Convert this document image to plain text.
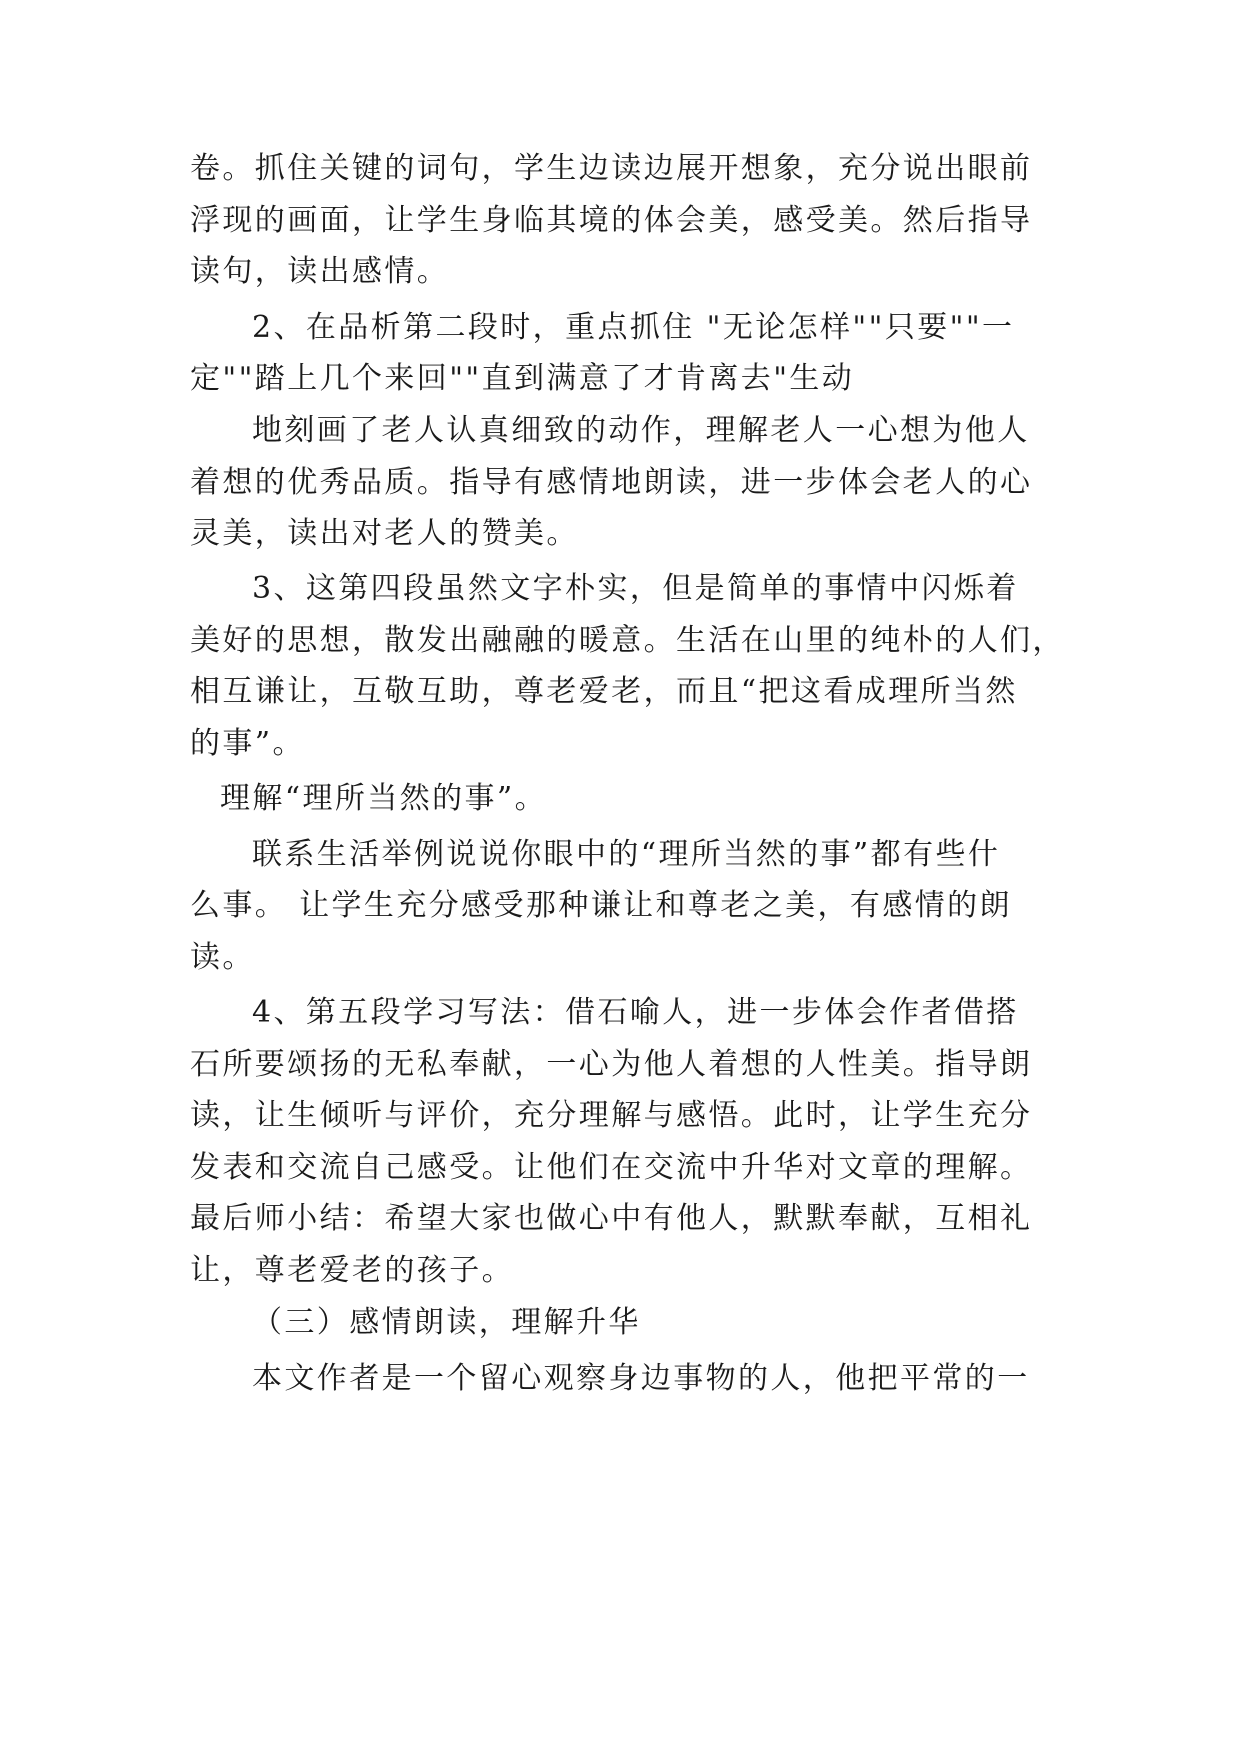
卷。抓住关键的词句，学生边读边展开想象，充分说出眼前
浮现的画面，让学生身临其境的体会美，感受美。然后指导
读句，读出感情。
2、在品析第二段时，重点抓住 "无论怎样""只要""一
定""踏上几个来回""直到满意了才肯离去"生动
地刻画了老人认真细致的动作，理解老人一心想为他人
着想的优秀品质。指导有感情地朗读，进一步体会老人的心
灵美，读出对老人的赞美。
3、这第四段虽然文字朴实，但是简单的事情中闪烁着
美好的思想，散发出融融的暖意。生活在山里的纯朴的人们，
相互谦让，互敬互助，尊老爱老，而且“把这看成理所当然
的事”。
理解“理所当然的事”。
联系生活举例说说你眼中的“理所当然的事”都有些什
么事。 让学生充分感受那种谦让和尊老之美，有感情的朗
读。
4、第五段学习写法：借石喻人，进一步体会作者借搭
石所要颂扬的无私奉献，一心为他人着想的人性美。指导朗
读，让生倾听与评价，充分理解与感悟。此时，让学生充分
发表和交流自己感受。让他们在交流中升华对文章的理解。
最后师小结：希望大家也做心中有他人，默默奉献，互相礼
让，尊老爱老的孩子。
（三）感情朗读，理解升华
本文作者是一个留心观察身边事物的人，他把平常的一
